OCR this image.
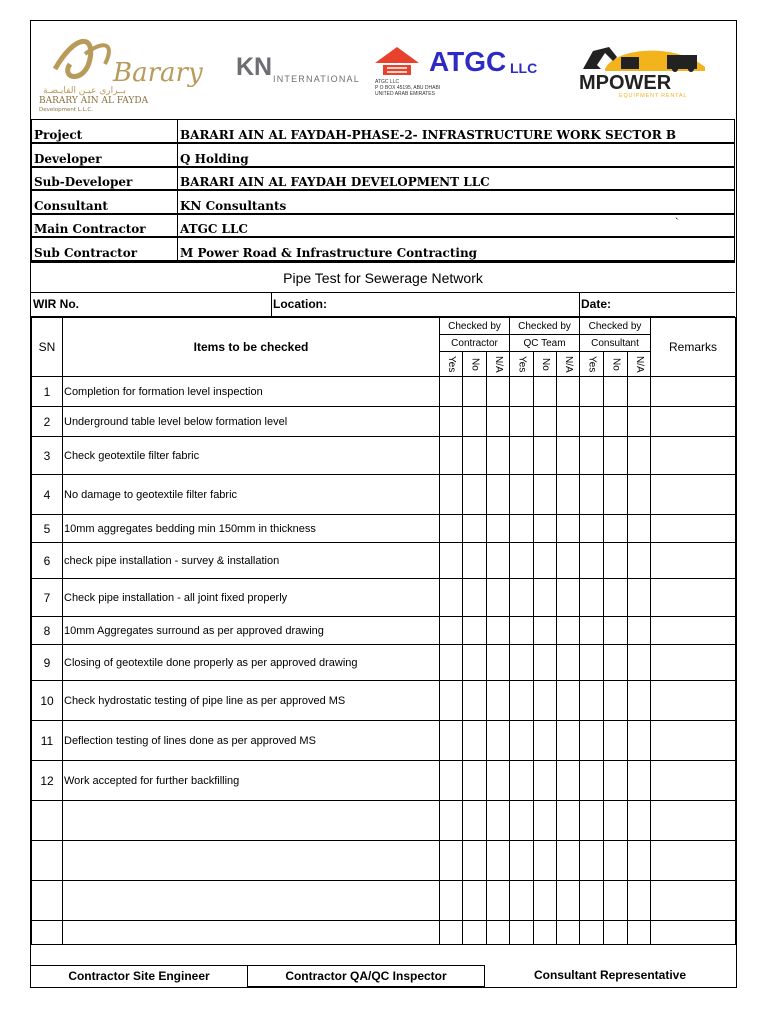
Barary
بــراري عيـن الفايـضـة
BARARY AIN AL FAYDA
Development L.L.C.
KN INTERNATIONAL
ATGC LLC
ATGC LLC
P O BOX 45195, ABU DHABI
UNITED ARAB EMIRATES	MPOWER
EQUIPMENT RENTAL
Project	BARARI AIN AL FAYDAH-PHASE-2- INFRASTRUCTURE WORK SECTOR B
Developer	Q Holding
Sub-Developer	BARARI AIN AL FAYDAH DEVELOPMENT LLC
Consultant	KN Consultants
Main Contractor	ATGC LLC
Sub Contractor	M Power Road & Infrastructure Contracting
`
Pipe Test for Sewerage Network
WIR No.	Location:	Date:
SN	Items to be checked	Checked by			Checked by			Checked by			Remarks
		Contractor			QC Team			Consultant			

		Yes	No	N/A	Yes	No	N/A	Yes	No	N/A	

1	Completion for formation level inspection										
2	Underground table level below formation level										
3	Check geotextile filter fabric										
4	No damage to geotextile filter fabric										
5	10mm aggregates bedding min 150mm in thickness										
6	check pipe installation - survey & installation										
7	Check pipe installation - all joint fixed properly										
8	10mm Aggregates surround as per approved drawing										
9	Closing of geotextile done properly as per approved drawing										
10	Check hydrostatic testing of pipe line as per approved MS										
11	Deflection testing of lines done as per approved MS										
12	Work accepted for further backfilling										

Contractor Site Engineer	Contractor QA/QC Inspector	Consultant Representative
